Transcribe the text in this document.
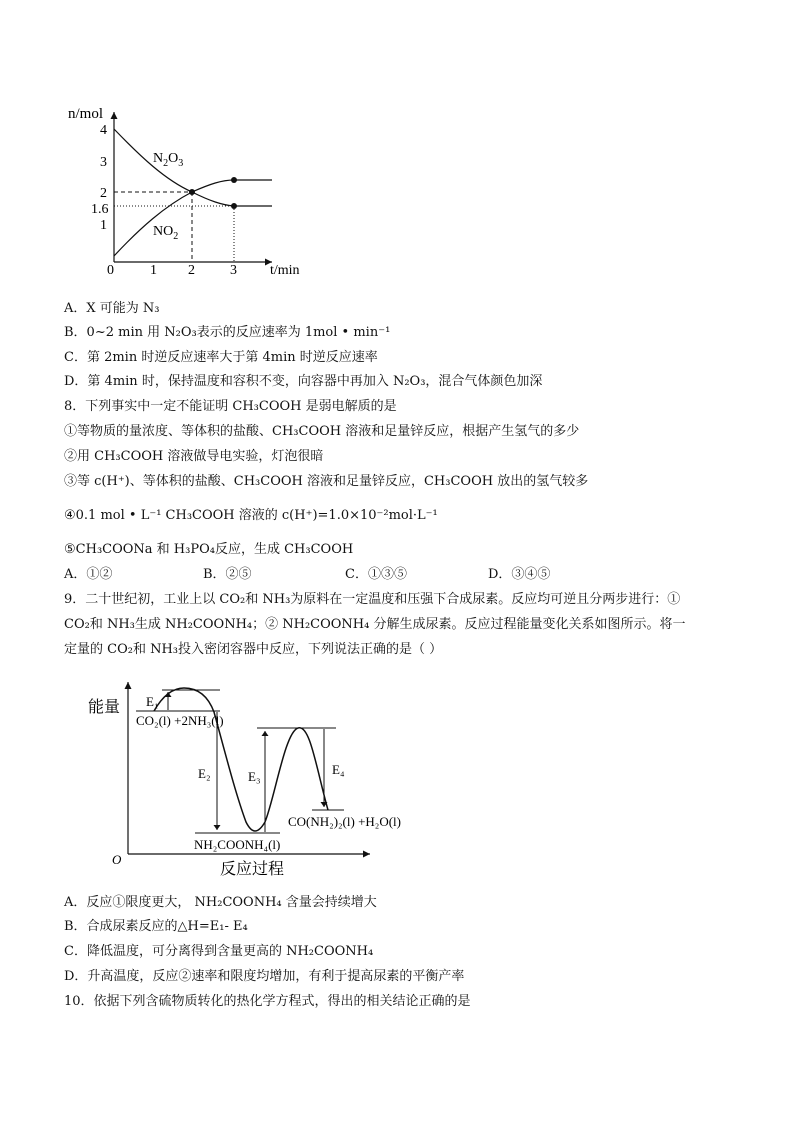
n/mol
t/min
4
3
2
1.6
1
0	1 2	3
$N_2O_3$
$NO_2$
A．X 可能为 N₃
B．0~2 min 用 N₂O₃表示的反应速率为 1mol • min⁻¹
C．第 2min 时逆反应速率大于第 4min 时逆反应速率
D．第 4min 时，保持温度和容积不变，向容器中再加入 N₂O₃，混合气体颜色加深
8．下列事实中一定不能证明 CH₃COOH 是弱电解质的是
①等物质的量浓度、等体积的盐酸、CH₃COOH 溶液和足量锌反应，根据产生氢气的多少
②用 CH₃COOH 溶液做导电实验，灯泡很暗
③等 c(H⁺)、等体积的盐酸、CH₃COOH 溶液和足量锌反应，CH₃COOH 放出的氢气较多
④0.1 mol • L⁻¹ CH₃COOH 溶液的 c(H⁺)=1.0×10⁻²mol·L⁻¹
⑤CH₃COONa 和 H₃PO₄反应，生成 CH₃COOH
A．①②	B．②⑤	C．①③⑤	D．③④⑤
9．二十世纪初，工业上以 CO₂和 NH₃为原料在一定温度和压强下合成尿素。反应均可逆且分两步进行：①
CO₂和 NH₃生成 NH₂COONH₄；② NH₂COONH₄ 分解生成尿素。反应过程能量变化关系如图所示。将一
定量的 CO₂和 NH₃投入密闭容器中反应，下列说法正确的是（ ）
能量
O
反应过程
E₁
E₂	E₃	E₄
CO₂(l) +2NH₃(l)
NH₂COONH₄(l)
CO(NH₂)₂(l) +H₂O(l)
A．反应①限度更大， NH₂COONH₄ 含量会持续增大
B．合成尿素反应的△H=E₁- E₄
C．降低温度，可分离得到含量更高的 NH₂COONH₄
D．升高温度，反应②速率和限度均增加，有利于提高尿素的平衡产率
10．依据下列含硫物质转化的热化学方程式，得出的相关结论正确的是
